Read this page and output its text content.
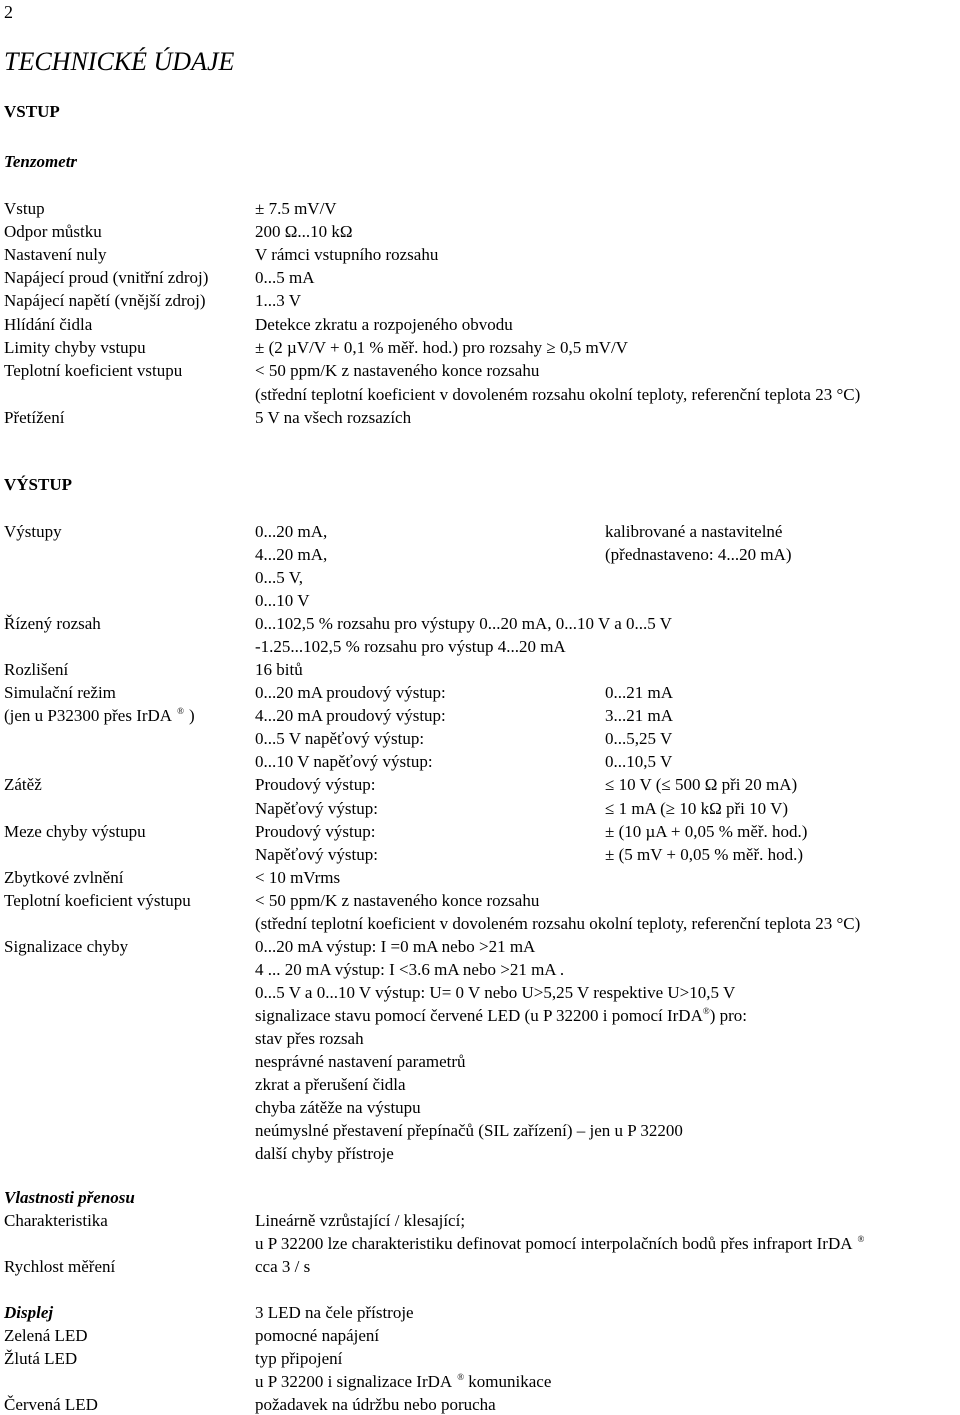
2
TECHNICKÉ ÚDAJE
VSTUP
Tenzometr
Vstup	± 7.5 mV/V
Odpor můstku	200 Ω...10 kΩ
Nastavení nuly	V rámci vstupního rozsahu
Napájecí proud (vnitřní zdroj)	0...5 mA
Napájecí napětí (vnější zdroj)	1...3 V
Hlídání čidla	Detekce zkratu a rozpojeného obvodu
Limity chyby vstupu	± (2 µV/V + 0,1 % měř. hod.) pro rozsahy ≥ 0,5 mV/V
Teplotní koeficient vstupu	< 50 ppm/K z nastaveného konce rozsahu
(střední teplotní koeficient v dovoleném rozsahu okolní teploty, referenční teplota 23 °C)
Přetížení	5 V na všech rozsazích
VÝSTUP
Výstupy	0...20 mA,	kalibrované a nastavitelné
4...20 mA,	(přednastaveno: 4...20 mA)
0...5 V,
0...10 V
Řízený rozsah	0...102,5 % rozsahu pro výstupy 0...20 mA, 0...10 V a 0...5 V
-1.25...102,5 % rozsahu pro výstup 4...20 mA
Rozlišení	16 bitů
Simulační režim
(jen u P32300 přes IrDA ® )
0...20 mA proudový výstup:	0...21 mA
4...20 mA proudový výstup:	3...21 mA
0...5 V napěťový výstup:	0...5,25 V
0...10 V napěťový výstup:	0...10,5 V
Zátěž	Proudový výstup:	≤ 10 V (≤ 500 Ω při 20 mA)
Napěťový výstup:	≤ 1 mA (≥ 10 kΩ při 10 V)
Meze chyby výstupu	Proudový výstup:	± (10 µA + 0,05 % měř. hod.)
Napěťový výstup:	± (5 mV + 0,05 % měř. hod.)
Zbytkové zvlnění	< 10 mVrms
Teplotní koeficient výstupu	< 50 ppm/K z nastaveného konce rozsahu
(střední teplotní koeficient v dovoleném rozsahu okolní teploty, referenční teplota 23 °C)
Signalizace chyby	0...20 mA výstup: I =0 mA nebo >21 mA
4 ... 20 mA výstup: I <3.6 mA nebo >21 mA .
0...5 V a 0...10 V výstup: U= 0 V nebo U>5,25 V respektive U>10,5 V
signalizace stavu pomocí červené LED (u P 32200 i pomocí IrDA®) pro:
stav přes rozsah
nesprávné nastavení parametrů
zkrat a přerušení čidla
chyba zátěže na výstupu
neúmyslné přestavení přepínačů (SIL zařízení) – jen u P 32200
další chyby přístroje
Vlastnosti přenosu
Charakteristika	Lineárně vzrůstající / klesající;
u P 32200 lze charakteristiku definovat pomocí interpolačních bodů přes infraport IrDA ®
Rychlost měření	cca 3 / s
Displej	3 LED na čele přístroje
Zelená LED	pomocné napájení
Žlutá LED	typ připojení
u P 32200 i signalizace IrDA ® komunikace
Červená LED	požadavek na údržbu nebo porucha
